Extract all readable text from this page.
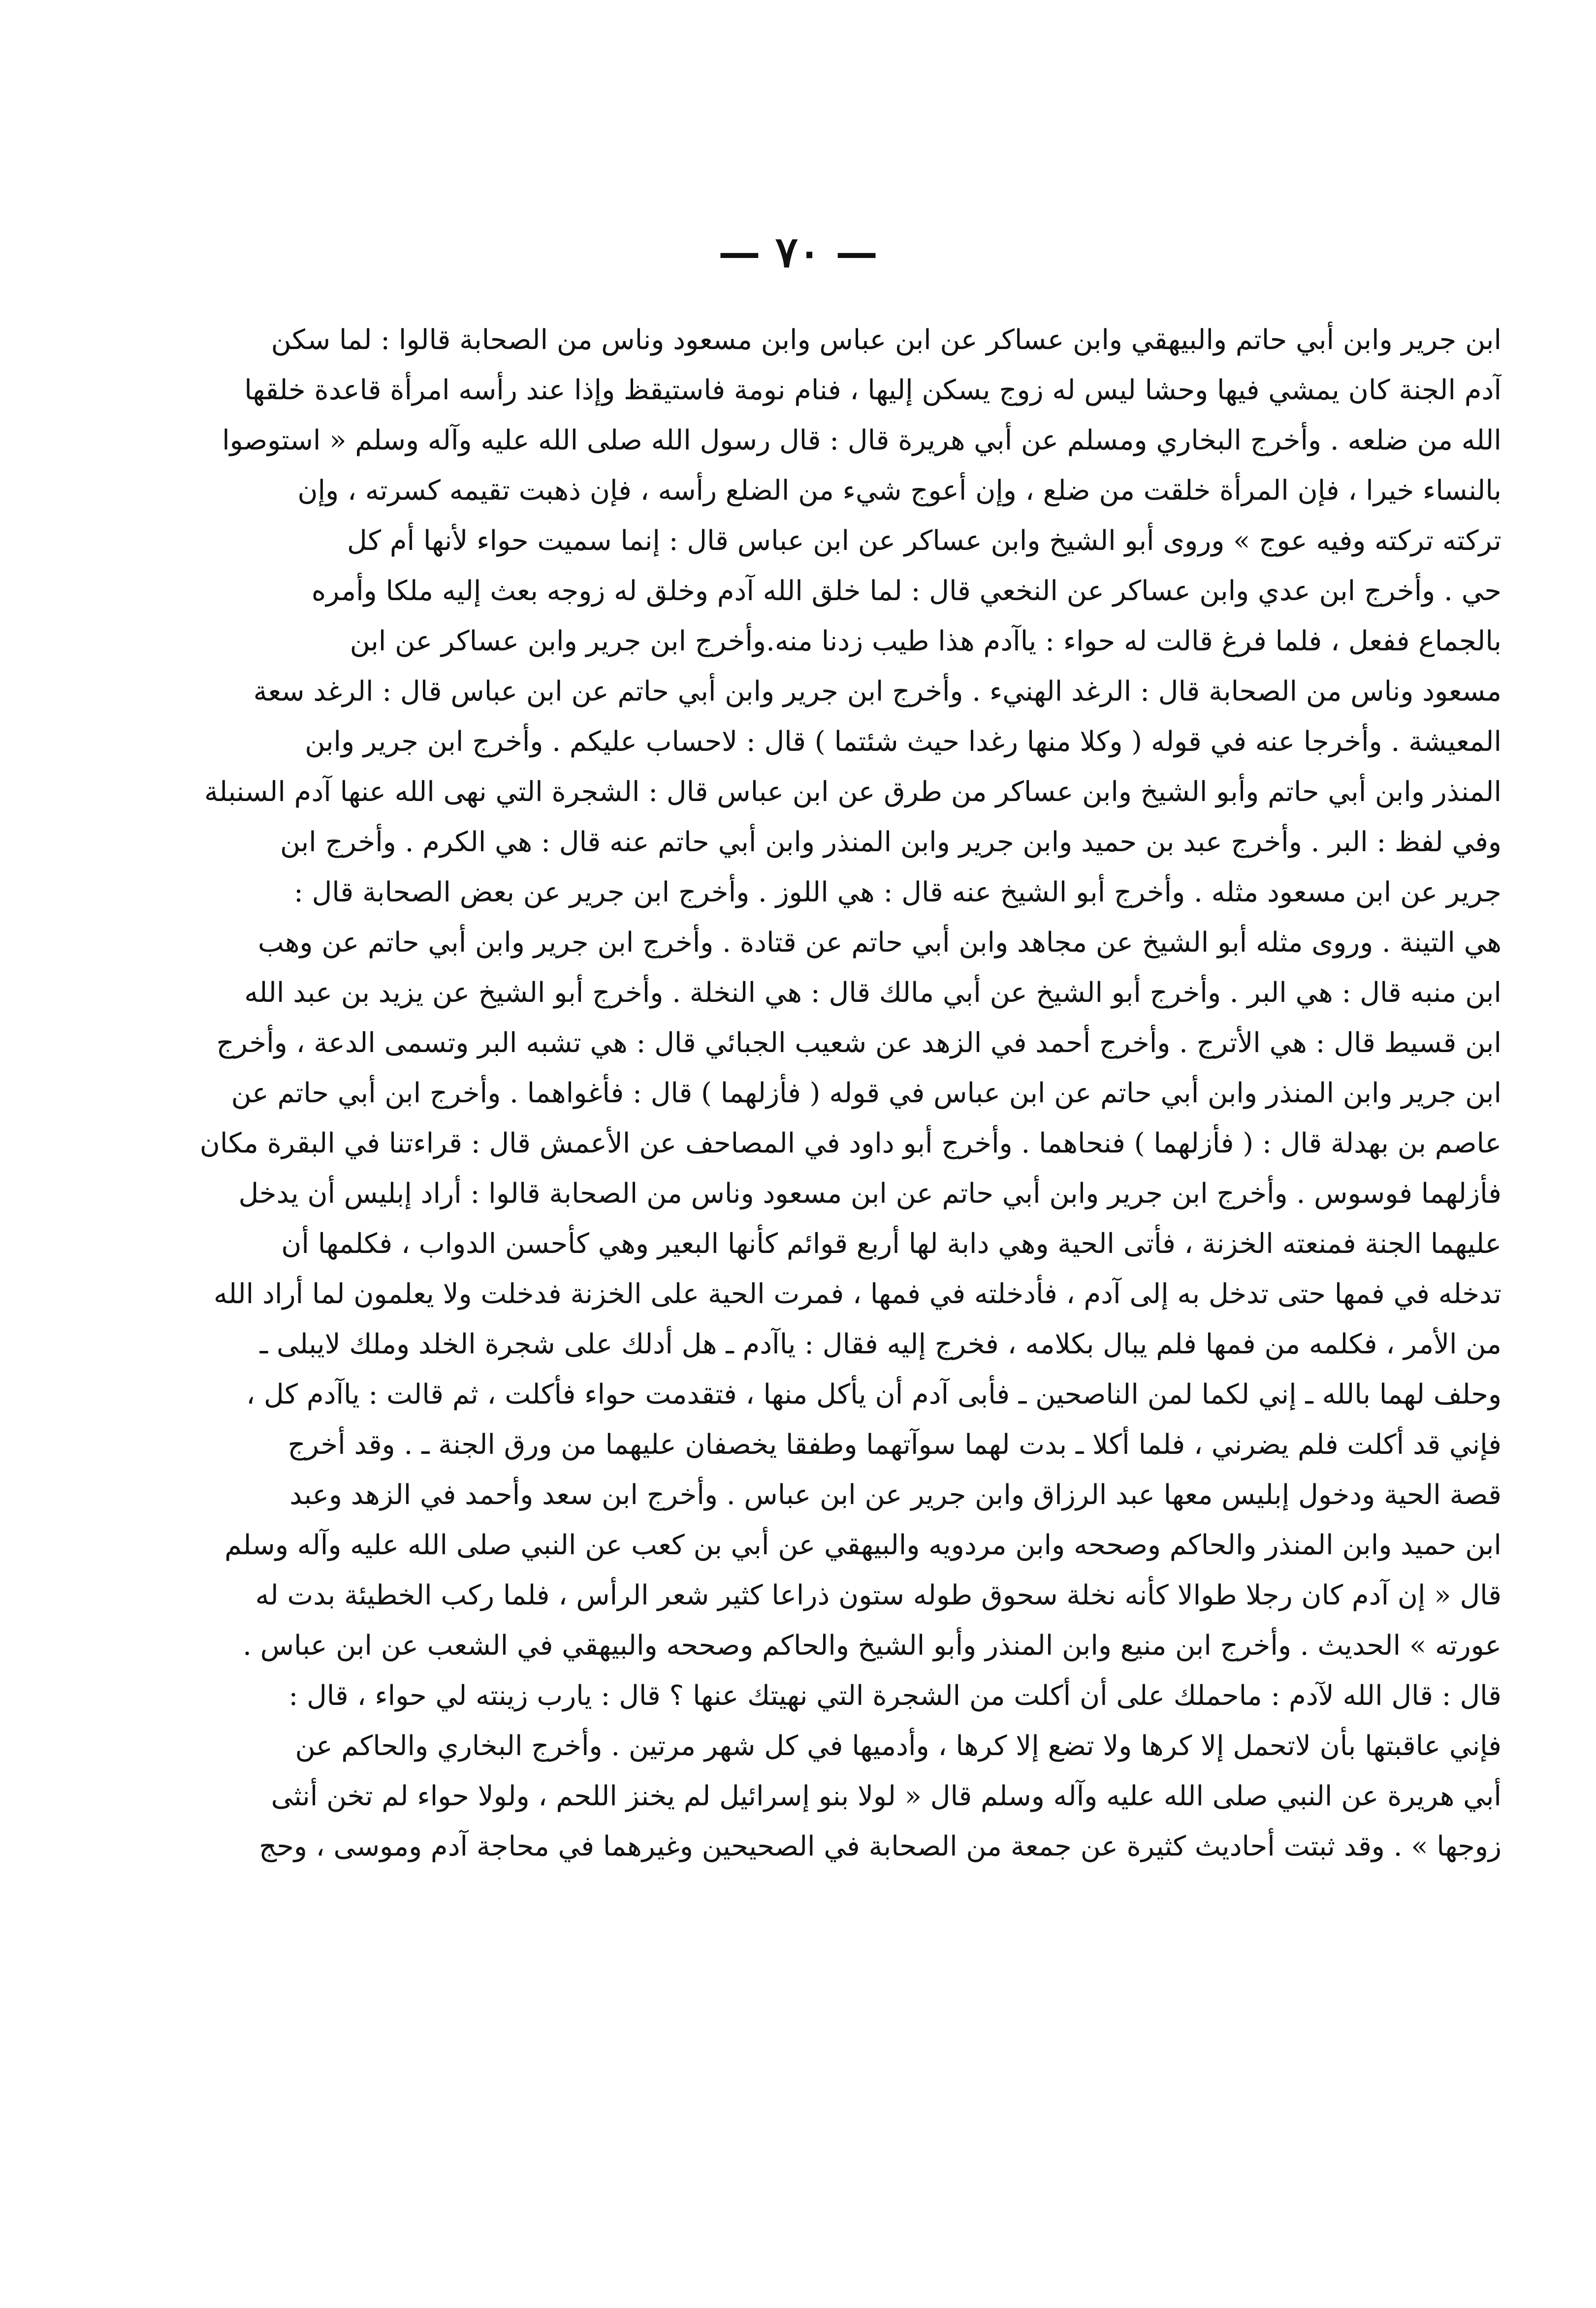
— ٧٠ —
ابن جرير وابن أبي حاتم والبيهقي وابن عساكر عن ابن عباس وابن مسعود وناس من الصحابة قالوا : لما سكن
آدم الجنة كان يمشي فيها وحشا ليس له زوج يسكن إليها ، فنام نومة فاستيقظ وإذا عند رأسه امرأة قاعدة خلقها
الله من ضلعه . وأخرج البخاري ومسلم عن أبي هريرة قال : قال رسول الله صلى الله عليه وآله وسلم « استوصوا
بالنساء خيرا ، فإن المرأة خلقت من ضلع ، وإن أعوج شيء من الضلع رأسه ، فإن ذهبت تقيمه كسرته ، وإن
تركته تركته وفيه عوج » وروى أبو الشيخ وابن عساكر عن ابن عباس قال : إنما سميت حواء لأنها أم كل
حي . وأخرج ابن عدي وابن عساكر عن النخعي قال : لما خلق الله آدم وخلق له زوجه بعث إليه ملكا وأمره
بالجماع ففعل ، فلما فرغ قالت له حواء : ياآدم هذا طيب زدنا منه.وأخرج ابن جرير وابن عساكر عن ابن
مسعود وناس من الصحابة قال : الرغد الهنيء . وأخرج ابن جرير وابن أبي حاتم عن ابن عباس قال : الرغد سعة
المعيشة . وأخرجا عنه في قوله ( وكلا منها رغدا حيث شئتما ) قال : لاحساب عليكم . وأخرج ابن جرير وابن
المنذر وابن أبي حاتم وأبو الشيخ وابن عساكر من طرق عن ابن عباس قال : الشجرة التي نهى الله عنها آدم السنبلة
وفي لفظ : البر . وأخرج عبد بن حميد وابن جرير وابن المنذر وابن أبي حاتم عنه قال : هي الكرم . وأخرج ابن
جرير عن ابن مسعود مثله . وأخرج أبو الشيخ عنه قال : هي اللوز . وأخرج ابن جرير عن بعض الصحابة قال :
هي التينة . وروى مثله أبو الشيخ عن مجاهد وابن أبي حاتم عن قتادة . وأخرج ابن جرير وابن أبي حاتم عن وهب
ابن منبه قال : هي البر . وأخرج أبو الشيخ عن أبي مالك قال : هي النخلة . وأخرج أبو الشيخ عن يزيد بن عبد الله
ابن قسيط قال : هي الأترج . وأخرج أحمد في الزهد عن شعيب الجبائي قال : هي تشبه البر وتسمى الدعة ، وأخرج
ابن جرير وابن المنذر وابن أبي حاتم عن ابن عباس في قوله ( فأزلهما ) قال : فأغواهما . وأخرج ابن أبي حاتم عن
عاصم بن بهدلة قال : ( فأزلهما ) فنحاهما . وأخرج أبو داود في المصاحف عن الأعمش قال : قراءتنا في البقرة مكان
فأزلهما فوسوس . وأخرج ابن جرير وابن أبي حاتم عن ابن مسعود وناس من الصحابة قالوا : أراد إبليس أن يدخل
عليهما الجنة فمنعته الخزنة ، فأتى الحية وهي دابة لها أربع قوائم كأنها البعير وهي كأحسن الدواب ، فكلمها أن
تدخله في فمها حتى تدخل به إلى آدم ، فأدخلته في فمها ، فمرت الحية على الخزنة فدخلت ولا يعلمون لما أراد الله
من الأمر ، فكلمه من فمها فلم يبال بكلامه ، فخرج إليه فقال : ياآدم ـ هل أدلك على شجرة الخلد وملك لايبلى ـ
وحلف لهما بالله ـ إني لكما لمن الناصحين ـ فأبى آدم أن يأكل منها ، فتقدمت حواء فأكلت ، ثم قالت : ياآدم كل ،
فإني قد أكلت فلم يضرني ، فلما أكلا ـ بدت لهما سوآتهما وطفقا يخصفان عليهما من ورق الجنة ـ . وقد أخرج
قصة الحية ودخول إبليس معها عبد الرزاق وابن جرير عن ابن عباس . وأخرج ابن سعد وأحمد في الزهد وعبد
ابن حميد وابن المنذر والحاكم وصححه وابن مردويه والبيهقي عن أبي بن كعب عن النبي صلى الله عليه وآله وسلم
قال « إن آدم كان رجلا طوالا كأنه نخلة سحوق طوله ستون ذراعا كثير شعر الرأس ، فلما ركب الخطيئة بدت له
عورته » الحديث . وأخرج ابن منيع وابن المنذر وأبو الشيخ والحاكم وصححه والبيهقي في الشعب عن ابن عباس .
قال : قال الله لآدم : ماحملك على أن أكلت من الشجرة التي نهيتك عنها ؟ قال : يارب زينته لي حواء ، قال :
فإني عاقبتها بأن لاتحمل إلا كرها ولا تضع إلا كرها ، وأدميها في كل شهر مرتين . وأخرج البخاري والحاكم عن
أبي هريرة عن النبي صلى الله عليه وآله وسلم قال « لولا بنو إسرائيل لم يخنز اللحم ، ولولا حواء لم تخن أنثى
زوجها » . وقد ثبتت أحاديث كثيرة عن جمعة من الصحابة في الصحيحين وغيرهما في محاجة آدم وموسى ، وحج
